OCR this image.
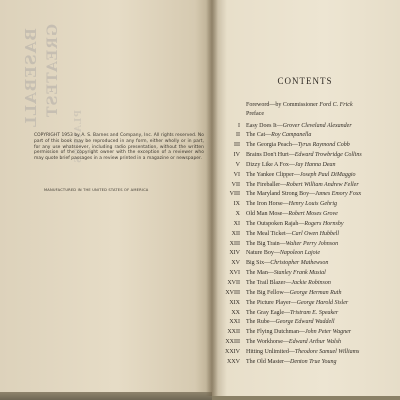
BASEBALL GREATEST
PLAYERS
COPYRIGHT 1953 by A. S. Barnes and Company, Inc. All rights reserved. No part of this book may be reproduced in any form, either wholly or in part, for any use whatsoever, including radio presentation, without the written permission of the copyright owner with the exception of a reviewer who may quote brief passages in a review printed in a magazine or newspaper.
MANUFACTURED IN THE UNITED STATES OF AMERICA
CONTENTS
Foreword—by Commissioner Ford C. Frick
Preface
I	Easy Does It— Grover Cleveland Alexander
II	The Cat— Roy Campanella
III	The Georgia Peach— Tyrus Raymond Cobb
IV	Brains Don't Hurt— Edward Trowbridge Collins
V	Dizzy Like A Fox— Jay Hanna Dean
VI	The Yankee Clipper— Joseph Paul DiMaggio
VII	The Fireballer— Robert William Andrew Feller
VIII	The Maryland Strong Boy— James Emory Foxx
IX	The Iron Horse— Henry Louis Gehrig
X	Old Man Mose— Robert Moses Grove
XI	The Outspoken Rajah— Rogers Hornsby
XII	The Meal Ticket— Carl Owen Hubbell
XIII	The Big Train— Walter Perry Johnson
XIV	Nature Boy— Napoleon Lajoie
XV	Big Six— Christopher Mathewson
XVI	The Man— Stanley Frank Musial
XVII	The Trail Blazer— Jackie Robinson
XVIII	The Big Fellow— George Herman Ruth
XIX	The Picture Player— George Harold Sisler
XX	The Gray Eagle— Tristram E. Speaker
XXI	The Rube— George Edward Waddell
XXII	The Flying Dutchman— John Peter Wagner
XXIII	The Workhorse— Edward Arthur Walsh
XXIV	Hitting Unlimited— Theodore Samuel Williams
XXV	The Old Master— Denton True Young
